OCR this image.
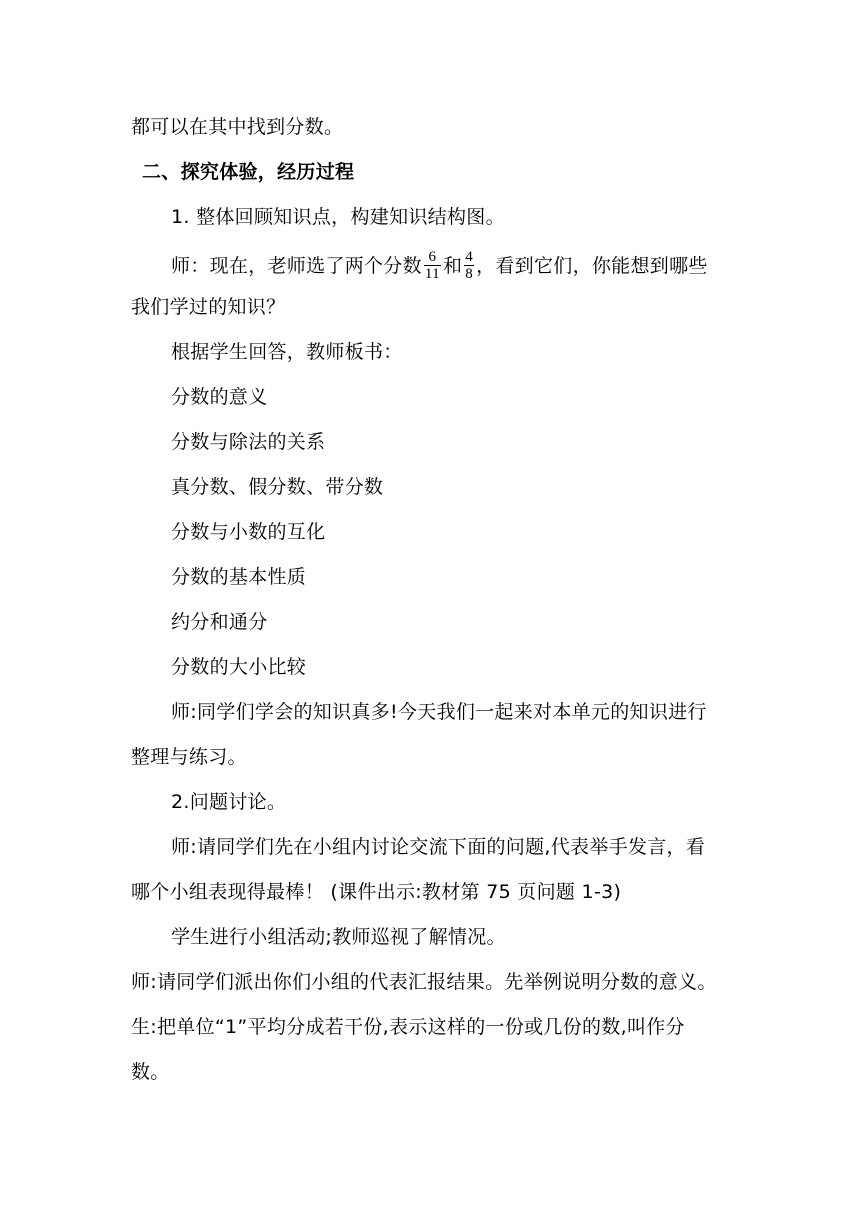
都可以在其中找到分数。
二、探究体验，经历过程
1. 整体回顾知识点，构建知识结构图。
师：现在，老师选了两个分数 $\frac{6}{11}$ 和 $\frac{4}{8}$ ，看到它们，你能想到哪些
我们学过的知识？
根据学生回答，教师板书：
分数的意义
分数与除法的关系
真分数、假分数、带分数
分数与小数的互化
分数的基本性质
约分和通分
分数的大小比较
师:同学们学会的知识真多!今天我们一起来对本单元的知识进行
整理与练习。
2.问题讨论。
师:请同学们先在小组内讨论交流下面的问题,代表举手发言，看
哪个小组表现得最棒！ (课件出示:教材第 75 页问题 1-3)
学生进行小组活动;教师巡视了解情况。
师:请同学们派出你们小组的代表汇报结果。先举例说明分数的意义。
生:把单位“1”平均分成若干份,表示这样的一份或几份的数,叫作分
数。
